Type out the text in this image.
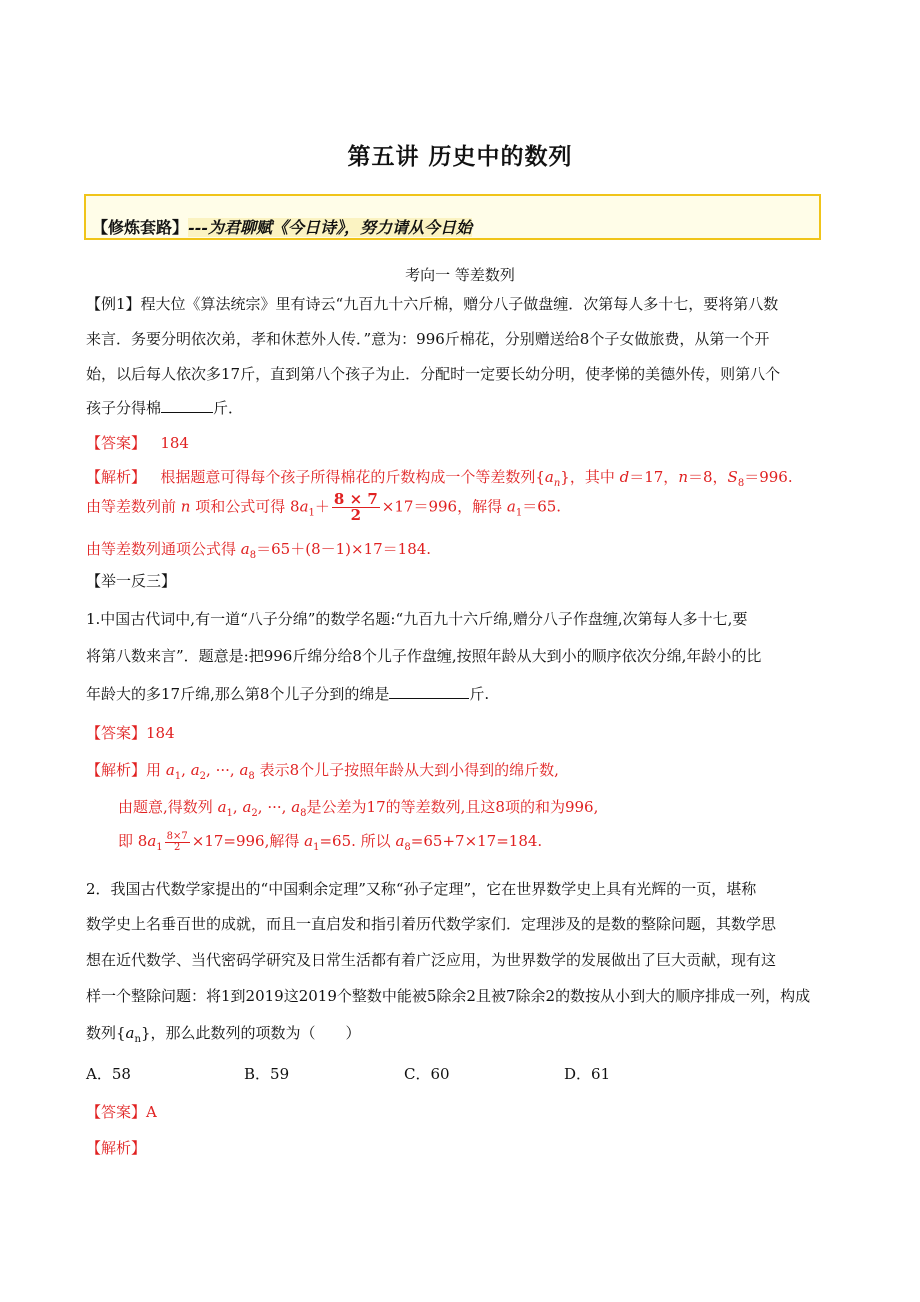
第五讲 历史中的数列
【修炼套路】---为君聊赋《今日诗》，努力请从今日始
考向一 等差数列
【例1】程大位《算法统宗》里有诗云“九百九十六斤棉，赠分八子做盘缠．次第每人多十七，要将第八数
来言．务要分明依次弟，孝和休惹外人传．”意为：996斤棉花，分别赠送给8个子女做旅费，从第一个开
始，以后每人依次多17斤，直到第八个孩子为止．分配时一定要长幼分明，使孝悌的美德外传，则第八个
孩子分得棉	斤．
【答案】 184
【解析】 根据题意可得每个孩子所得棉花的斤数构成一个等差数列$\{a_n\}$，其中 d＝17，n＝8，$S_8=996$.
由等差数列前 n 项和公式可得 $8a_1+ \frac{8 \times 7}{2} \times 17=996$，解得 $a_1=65$.
由等差数列通项公式得 $a_8=65+(8-1)\times 17=184$.
【举一反三】
1.中国古代词中,有一道“八子分绵”的数学名题:“九百九十六斤绵,赠分八子作盘缠,次第每人多十七,要
将第八数来言”．题意是:把996斤绵分给8个儿子作盘缠,按照年龄从大到小的顺序依次分绵,年龄小的比
年龄大的多17斤绵,那么第8个儿子分到的绵是	斤.
【答案】184
【解析】用 $a_1$, $a_2$, ···, $a_8$ 表示8个儿子按照年龄从大到小得到的绵斤数,
由题意,得数列 $a_1$, $a_2$, ···, $a_8$是公差为17的等差数列,且这8项的和为996,
即 $8a_1 \frac{8\times 7}{2} \times 17=996$,解得 $a_1=65$. 所以 $a_8=65+7\times 17=184$.
2．我国古代数学家提出的“中国剩余定理”又称“孙子定理”，它在世界数学史上具有光辉的一页，堪称
数学史上名垂百世的成就，而且一直启发和指引着历代数学家们．定理涉及的是数的整除问题，其数学思
想在近代数学、当代密码学研究及日常生活都有着广泛应用，为世界数学的发展做出了巨大贡献，现有这
样一个整除问题：将1到2019这2019个整数中能被5除余2且被7除余2的数按从小到大的顺序排成一列，构成
数列$\{a_n\}$，那么此数列的项数为（　　）
A．58	B．59	C．60	D．61
【答案】A
【解析】
